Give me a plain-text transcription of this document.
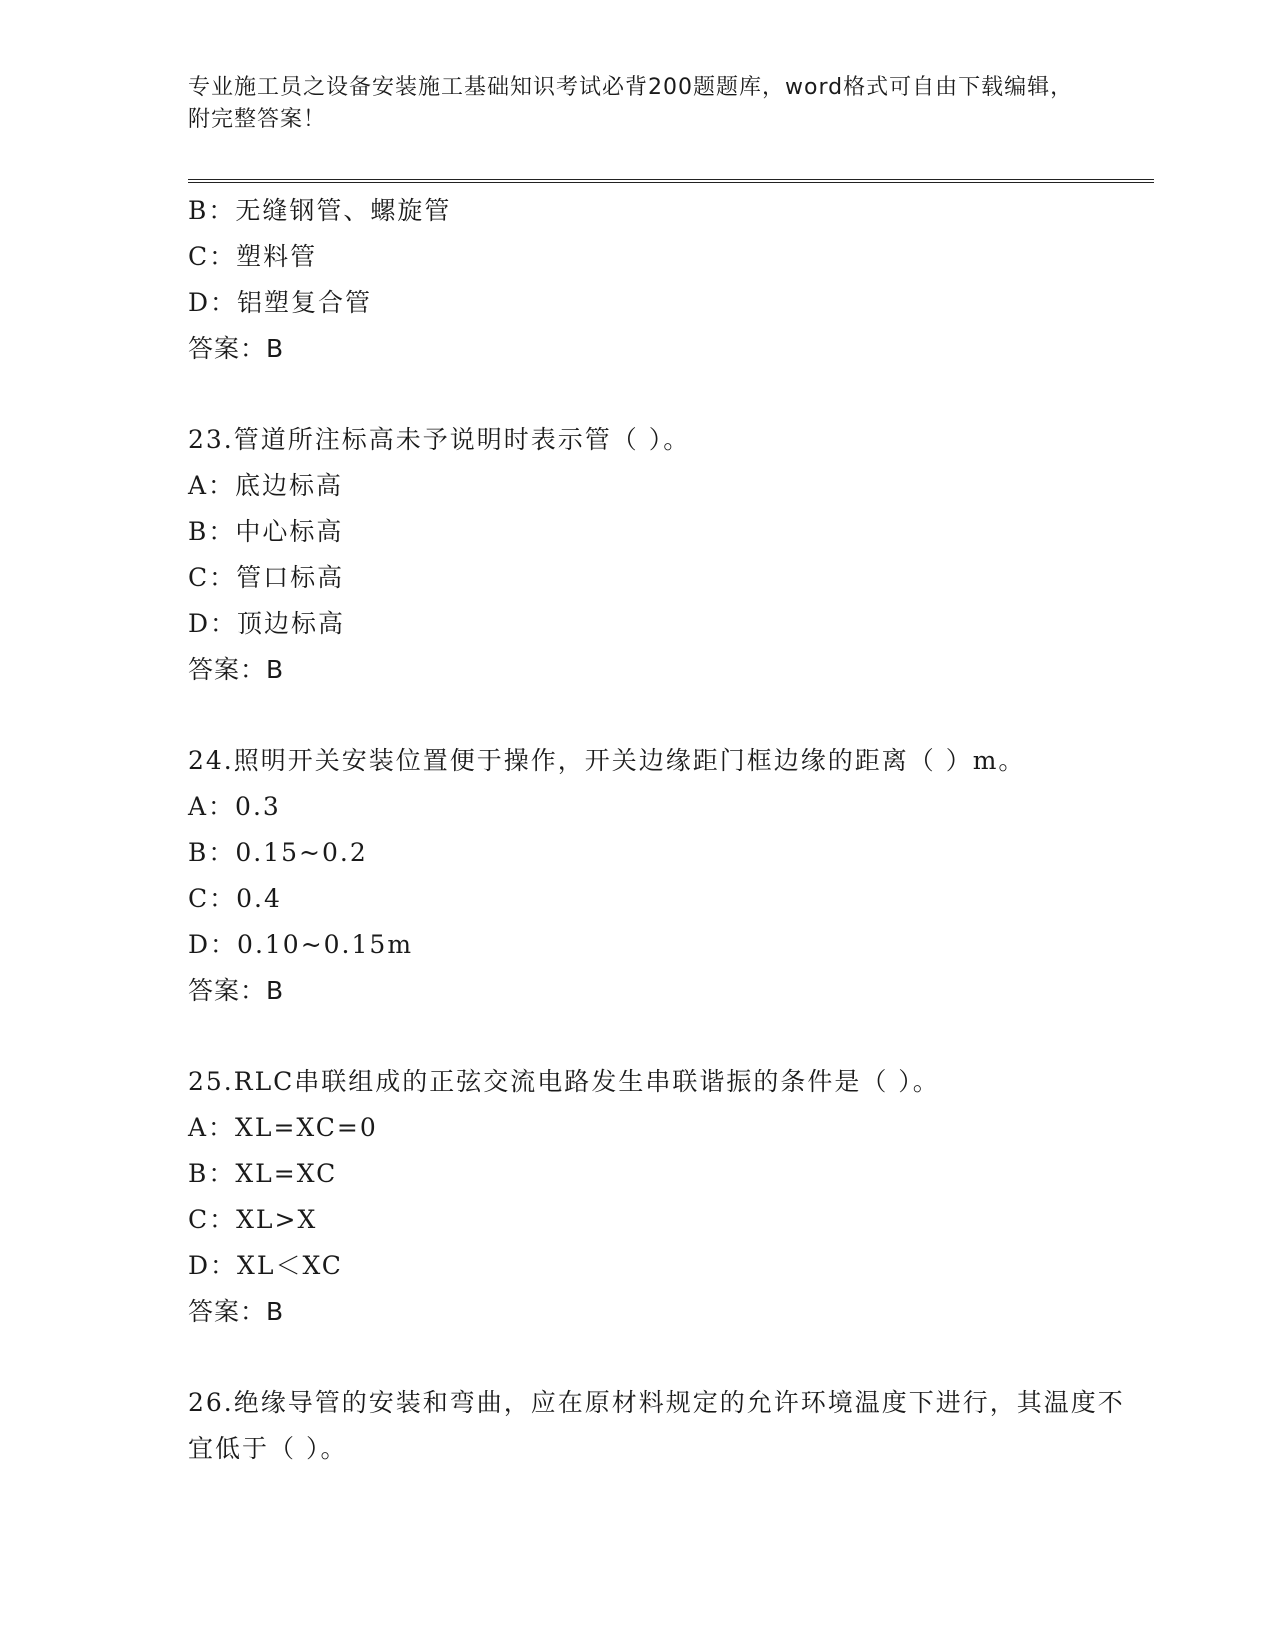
专业施工员之设备安装施工基础知识考试必背200题题库，word格式可自由下载编辑，附完整答案！

B：无缝钢管、螺旋管

C：塑料管

D：铝塑复合管

答案：B

23.管道所注标高未予说明时表示管（ ）。

A：底边标高

B：中心标高

C：管口标高

D：顶边标高

答案：B

24.照明开关安装位置便于操作，开关边缘距门框边缘的距离（ ）m。

A：0.3

B：0.15~0.2

C：0.4

D：0.10~0.15m

答案：B

25.RLC串联组成的正弦交流电路发生串联谐振的条件是（ ）。

A：XL=XC=0

B：XL=XC

C：XL>X

D：XL＜XC

答案：B

26.绝缘导管的安装和弯曲，应在原材料规定的允许环境温度下进行，其温度不宜低于（ ）。
